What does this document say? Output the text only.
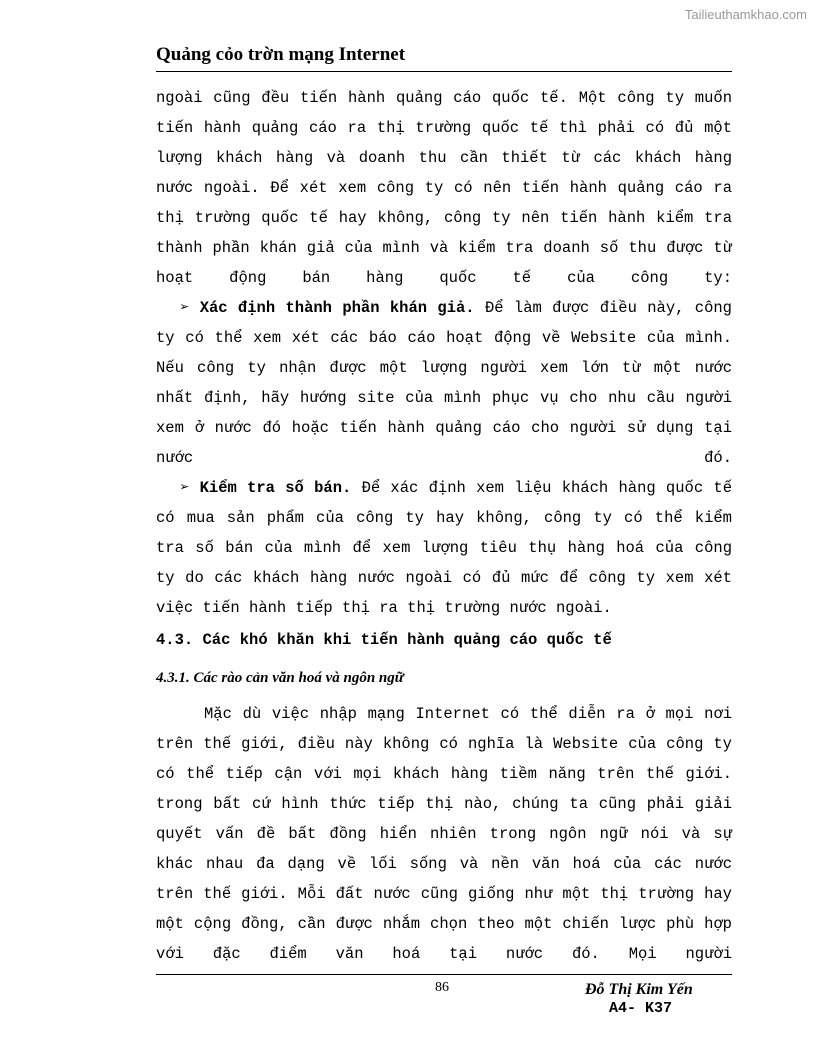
Tailieuthamkhao.com
Quảng cỏo trờn mạng Internet
ngoài cũng đều tiến hành quảng cáo quốc tế. Một công ty muốn tiến hành quảng cáo ra thị trường quốc tế thì phải có đủ một lượng khách hàng và doanh thu cần thiết từ các khách hàng nước ngoài. Để xét xem công ty có nên tiến hành quảng cáo ra thị trường quốc tế hay không, công ty nên tiến hành kiểm tra thành phần khán giả của mình và kiểm tra doanh số thu được từ hoạt động bán hàng quốc tế của công ty:
➢ Xác định thành phần khán giả. Để làm được điều này, công ty có thể xem xét các báo cáo hoạt động về Website của mình. Nếu công ty nhận được một lượng người xem lớn từ một nước nhất định, hãy hướng site của mình phục vụ cho nhu cầu người xem ở nước đó hoặc tiến hành quảng cáo cho người sử dụng tại nước đó.
➢ Kiểm tra số bán. Để xác định xem liệu khách hàng quốc tế có mua sản phẩm của công ty hay không, công ty có thể kiểm tra số bán của mình để xem lượng tiêu thụ hàng hoá của công ty do các khách hàng nước ngoài có đủ mức để công ty xem xét việc tiến hành tiếp thị ra thị trường nước ngoài.
4.3. Các khó khăn khi tiến hành quảng cáo quốc tế
4.3.1. Các rào cản văn hoá và ngôn ngữ
Mặc dù việc nhập mạng Internet có thể diễn ra ở mọi nơi trên thế giới, điều này không có nghĩa là Website của công ty có thể tiếp cận với mọi khách hàng tiềm năng trên thế giới. trong bất cứ hình thức tiếp thị nào, chúng ta cũng phải giải quyết vấn đề bất đồng hiển nhiên trong ngôn ngữ nói và sự khác nhau đa dạng về lối sống và nền văn hoá của các nước trên thế giới. Mỗi đất nước cũng giống như một thị trường hay một cộng đồng, cần được nhắm chọn theo một chiến lược phù hợp với đặc điểm văn hoá tại nước đó. Mọi người
86	Đỗ Thị Kim Yến
A4- K37
